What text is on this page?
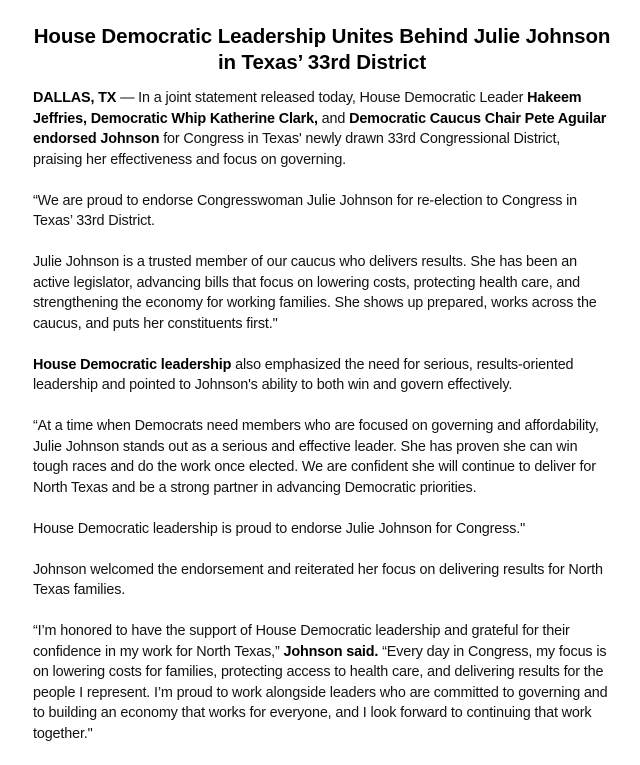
House Democratic Leadership Unites Behind Julie Johnson in Texas’ 33rd District

DALLAS, TX — In a joint statement released today, House Democratic Leader Hakeem Jeffries, Democratic Whip Katherine Clark, and Democratic Caucus Chair Pete Aguilar endorsed Johnson for Congress in Texas' newly drawn 33rd Congressional District, praising her effectiveness and focus on governing.

“We are proud to endorse Congresswoman Julie Johnson for re-election to Congress in Texas’ 33rd District.

Julie Johnson is a trusted member of our caucus who delivers results. She has been an active legislator, advancing bills that focus on lowering costs, protecting health care, and strengthening the economy for working families. She shows up prepared, works across the caucus, and puts her constituents first."

House Democratic leadership also emphasized the need for serious, results-oriented leadership and pointed to Johnson's ability to both win and govern effectively.

“At a time when Democrats need members who are focused on governing and affordability, Julie Johnson stands out as a serious and effective leader. She has proven she can win tough races and do the work once elected. We are confident she will continue to deliver for North Texas and be a strong partner in advancing Democratic priorities.

House Democratic leadership is proud to endorse Julie Johnson for Congress."

Johnson welcomed the endorsement and reiterated her focus on delivering results for North Texas families.

“I’m honored to have the support of House Democratic leadership and grateful for their confidence in my work for North Texas,” Johnson said. “Every day in Congress, my focus is on lowering costs for families, protecting access to health care, and delivering results for the people I represent. I’m proud to work alongside leaders who are committed to governing and to building an economy that works for everyone, and I look forward to continuing that work together."
